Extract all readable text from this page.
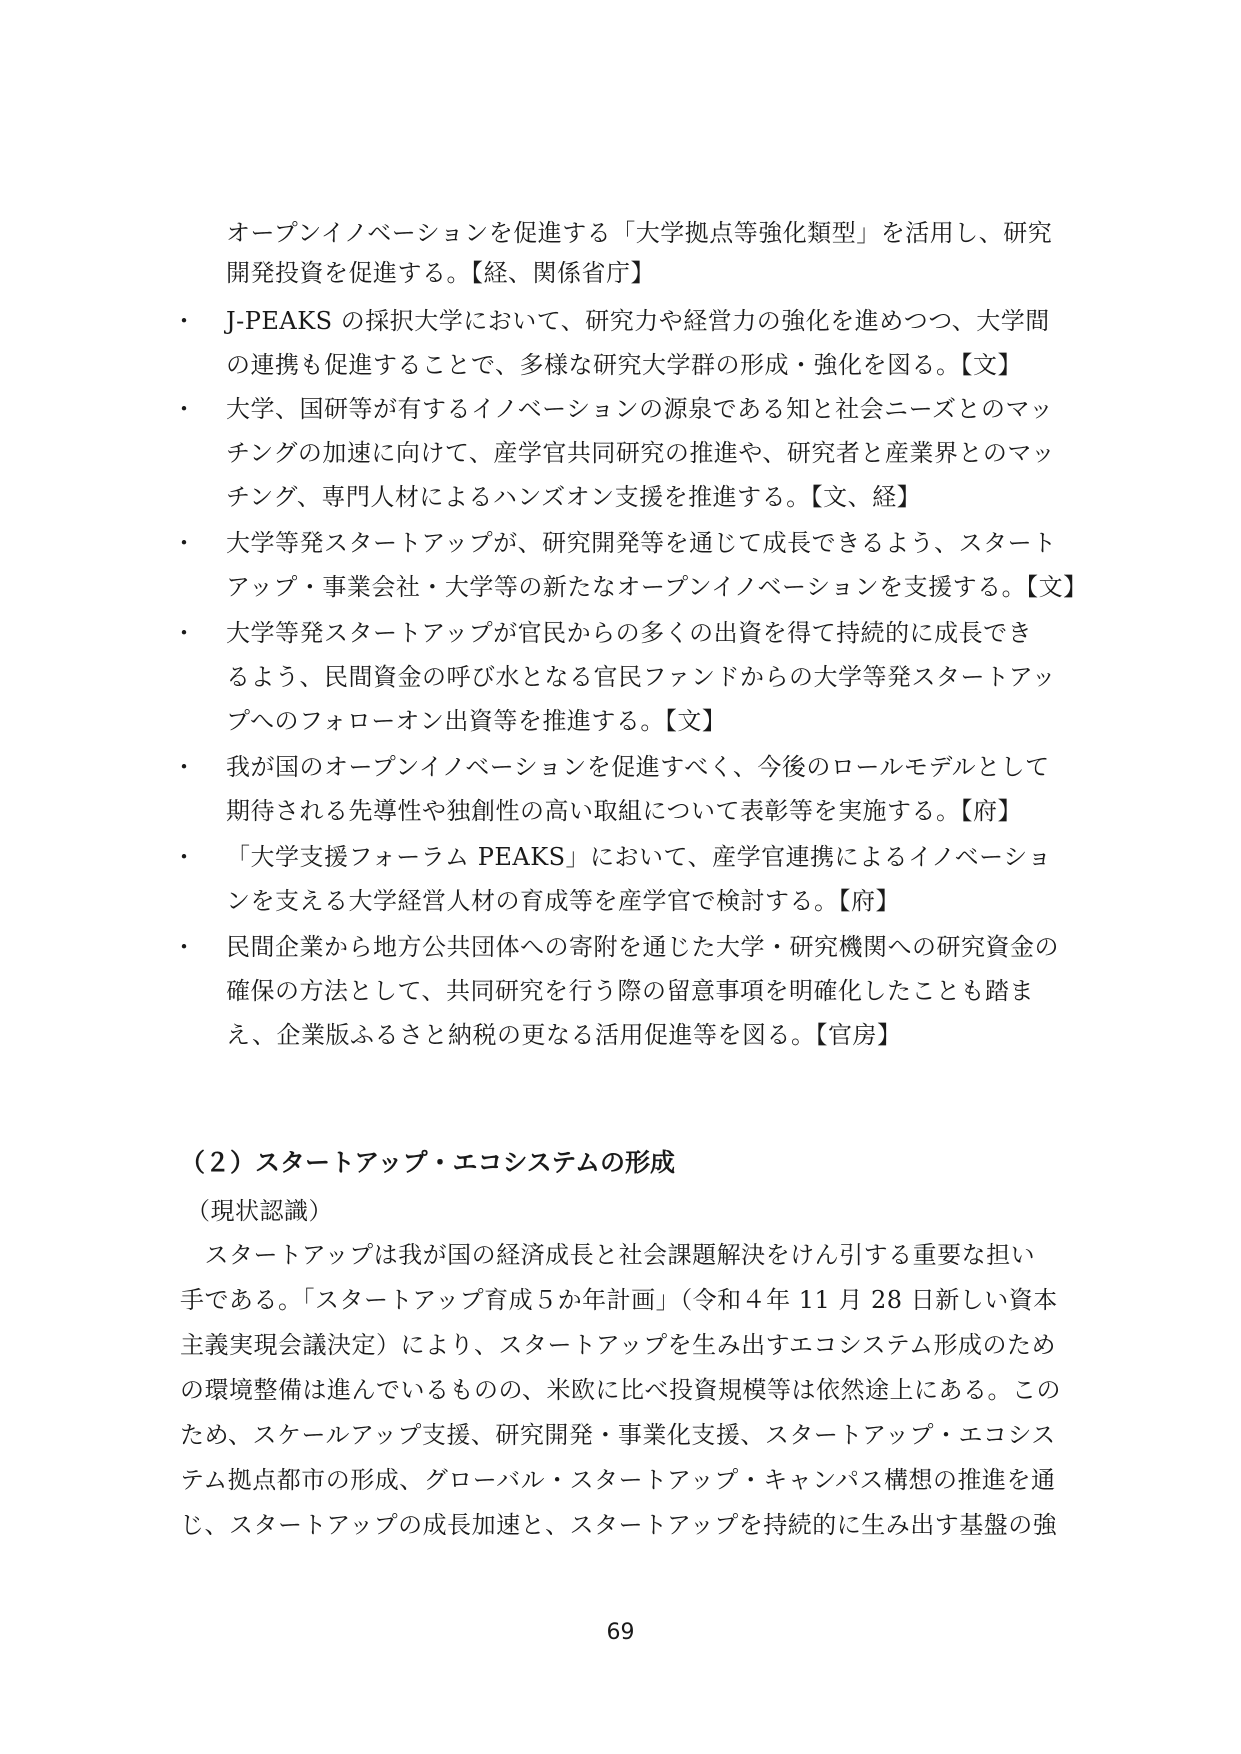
オープンイノベーションを促進する「大学拠点等強化類型」を活用し、研究
開発投資を促進する。【経、関係省庁】
・ J-PEAKS の採択大学において、研究力や経営力の強化を進めつつ、大学間
の連携も促進することで、多様な研究大学群の形成・強化を図る。【文】
・ 大学、国研等が有するイノベーションの源泉である知と社会ニーズとのマッ
チングの加速に向けて、産学官共同研究の推進や、研究者と産業界とのマッ
チング、専門人材によるハンズオン支援を推進する。【文、経】
・ 大学等発スタートアップが、研究開発等を通じて成長できるよう、スタート
アップ・事業会社・大学等の新たなオープンイノベーションを支援する。【文】
・ 大学等発スタートアップが官民からの多くの出資を得て持続的に成長でき
るよう、民間資金の呼び水となる官民ファンドからの大学等発スタートアッ
プへのフォローオン出資等を推進する。【文】
・ 我が国のオープンイノベーションを促進すべく、今後のロールモデルとして
期待される先導性や独創性の高い取組について表彰等を実施する。【府】
・ 「大学支援フォーラム PEAKS」において、産学官連携によるイノベーショ
ンを支える大学経営人材の育成等を産学官で検討する。【府】
・ 民間企業から地方公共団体への寄附を通じた大学・研究機関への研究資金の
確保の方法として、共同研究を行う際の留意事項を明確化したことも踏ま
え、企業版ふるさと納税の更なる活用促進等を図る。【官房】
（２）スタートアップ・エコシステムの形成
（現状認識）
　スタートアップは我が国の経済成長と社会課題解決をけん引する重要な担い
手である。「スタートアップ育成５か年計画」（令和４年 11 月 28 日新しい資本
主義実現会議決定）により、スタートアップを生み出すエコシステム形成のため
の環境整備は進んでいるものの、米欧に比べ投資規模等は依然途上にある。この
ため、スケールアップ支援、研究開発・事業化支援、スタートアップ・エコシス
テム拠点都市の形成、グローバル・スタートアップ・キャンパス構想の推進を通
じ、スタートアップの成長加速と、スタートアップを持続的に生み出す基盤の強
69
